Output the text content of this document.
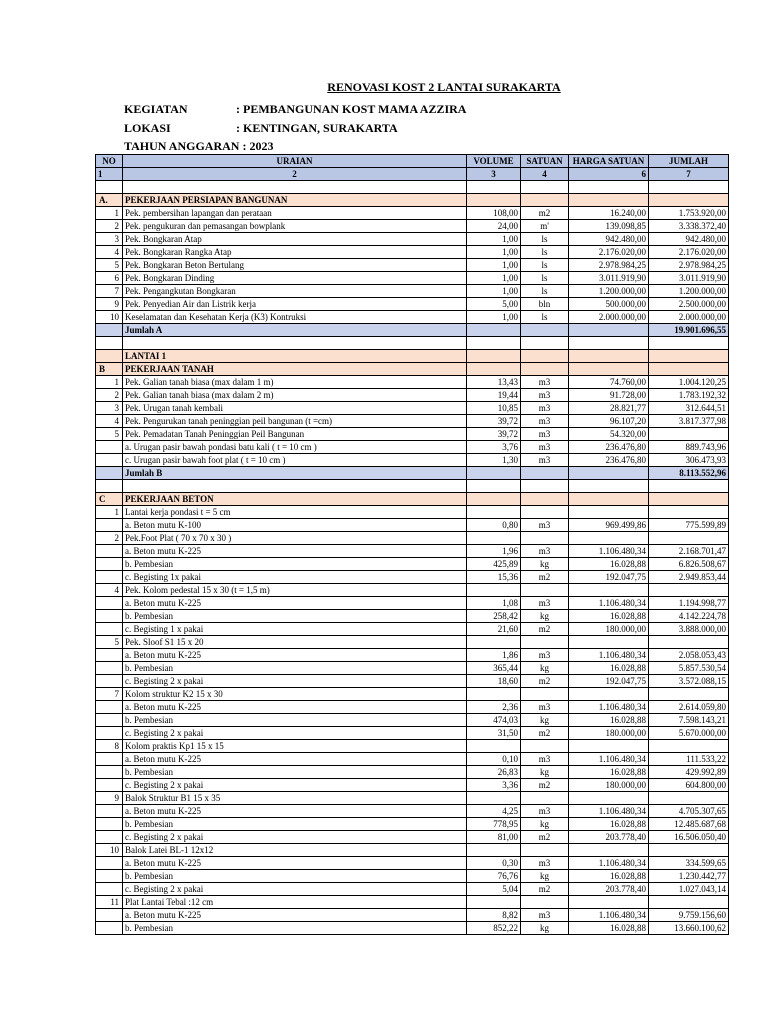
RENOVASI KOST 2 LANTAI SURAKARTA
KEGIATAN	: PEMBANGUNAN KOST MAMA AZZIRA
LOKASI	: KENTINGAN, SURAKARTA
TAHUN ANGGARAN : 2023
NO	URAIAN	VOLUME	SATUAN	HARGA SATUAN	JUMLAH
1	2	3	4	6	7

A.	PEKERJAAN PERSIAPAN BANGUNAN				
1	Pek. pembersihan lapangan dan perataan	108,00	m2	16.240,00	1.753.920,00
2	Pek. pengukuran dan pemasangan bowplank	24,00	m'	139.098,85	3.338.372,40
3	Pek. Bongkaran Atap	1,00	ls	942.480,00	942.480,00
4	Pek. Bongkaran Rangka Atap	1,00	ls	2.176.020,00	2.176.020,00
5	Pek. Bongkaran Beton Bertulang	1,00	ls	2.978.984,25	2.978.984,25
6	Pek. Bongkaran Dinding	1,00	ls	3.011.919,90	3.011.919,90
7	Pek. Pengangkutan Bongkaran	1,00	ls	1.200.000,00	1.200.000,00
9	Pek. Penyedian Air dan Listrik kerja	5,00	bln	500.000,00	2.500.000,00
10	Keselamatan dan Kesehatan Kerja (K3) Kontruksi	1,00	ls	2.000.000,00	2.000.000,00
	Jumlah A				19.901.696,55

	LANTAI 1				
B	PEKERJAAN TANAH				
1	Pek. Galian tanah biasa (max dalam 1 m)	13,43	m3	74.760,00	1.004.120,25
2	Pek. Galian tanah biasa (max dalam 2 m)	19,44	m3	91.728,00	1.783.192,32
3	Pek. Urugan tanah kembali	10,85	m3	28.821,77	312.644,51
4	Pek. Pengurukan tanah peninggian peil bangunan (t =cm)	39,72	m3	96.107,20	3.817.377,98
5	Pek. Pemadatan Tanah Peninggian Peil Bangunan	39,72	m3	54.320,00	
	a. Urugan pasir bawah pondasi batu kali ( t = 10 cm )	3,76	m3	236.476,80	889.743,96
	c. Urugan pasir bawah foot plat ( t = 10 cm )	1,30	m3	236.476,80	306.473,93
	Jumlah B				8.113.552,96

C	PEKERJAAN BETON				
1	Lantai kerja pondasi t = 5 cm				
	a. Beton mutu K-100	0,80	m3	969.499,86	775.599,89
2	Pek.Foot Plat ( 70 x 70 x 30 )				
	a. Beton mutu K-225	1,96	m3	1.106.480,34	2.168.701,47
	b. Pembesian	425,89	kg	16.028,88	6.826.508,67
	c. Begisting 1x pakai	15,36	m2	192.047,75	2.949.853,44
4	Pek. Kolom pedestal 15 x 30 (t = 1,5 m)				
	a. Beton mutu K-225	1,08	m3	1.106.480,34	1.194.998,77
	b. Pembesian	258,42	kg	16.028,88	4.142.224,78
	c. Begisting 1 x pakai	21,60	m2	180.000,00	3.888.000,00
5	Pek. Sloof S1 15 x 20				
	a. Beton mutu K-225	1,86	m3	1.106.480,34	2.058.053,43
	b. Pembesian	365,44	kg	16.028,88	5.857.530,54
	c. Begisting 2 x pakai	18,60	m2	192.047,75	3.572.088,15
7	Kolom struktur K2 15 x 30				
	a. Beton mutu K-225	2,36	m3	1.106.480,34	2.614.059,80
	b. Pembesian	474,03	kg	16.028,88	7.598.143,21
	c. Begisting 2 x pakai	31,50	m2	180.000,00	5.670.000,00
8	Kolom praktis Kp1 15 x 15				
	a. Beton mutu K-225	0,10	m3	1.106.480,34	111.533,22
	b. Pembesian	26,83	kg	16.028,88	429.992,89
	c. Begisting 2 x pakai	3,36	m2	180.000,00	604.800,00
9	Balok Struktur B1 15 x 35				
	a. Beton mutu K-225	4,25	m3	1.106.480,34	4.705.307,65
	b. Pembesian	778,95	kg	16.028,88	12.485.687,68
	c. Begisting 2 x pakai	81,00	m2	203.778,40	16.506.050,40
10	Balok Latei BL-1 12x12				
	a. Beton mutu K-225	0,30	m3	1.106.480,34	334.599,65
	b. Pembesian	76,76	kg	16.028,88	1.230.442,77
	c. Begisting 2 x pakai	5,04	m2	203.778,40	1.027.043,14
11	Plat Lantai Tebal :12 cm				
	a. Beton mutu K-225	8,82	m3	1.106.480,34	9.759.156,60
	b. Pembesian	852,22	kg	16.028,88	13.660.100,62
